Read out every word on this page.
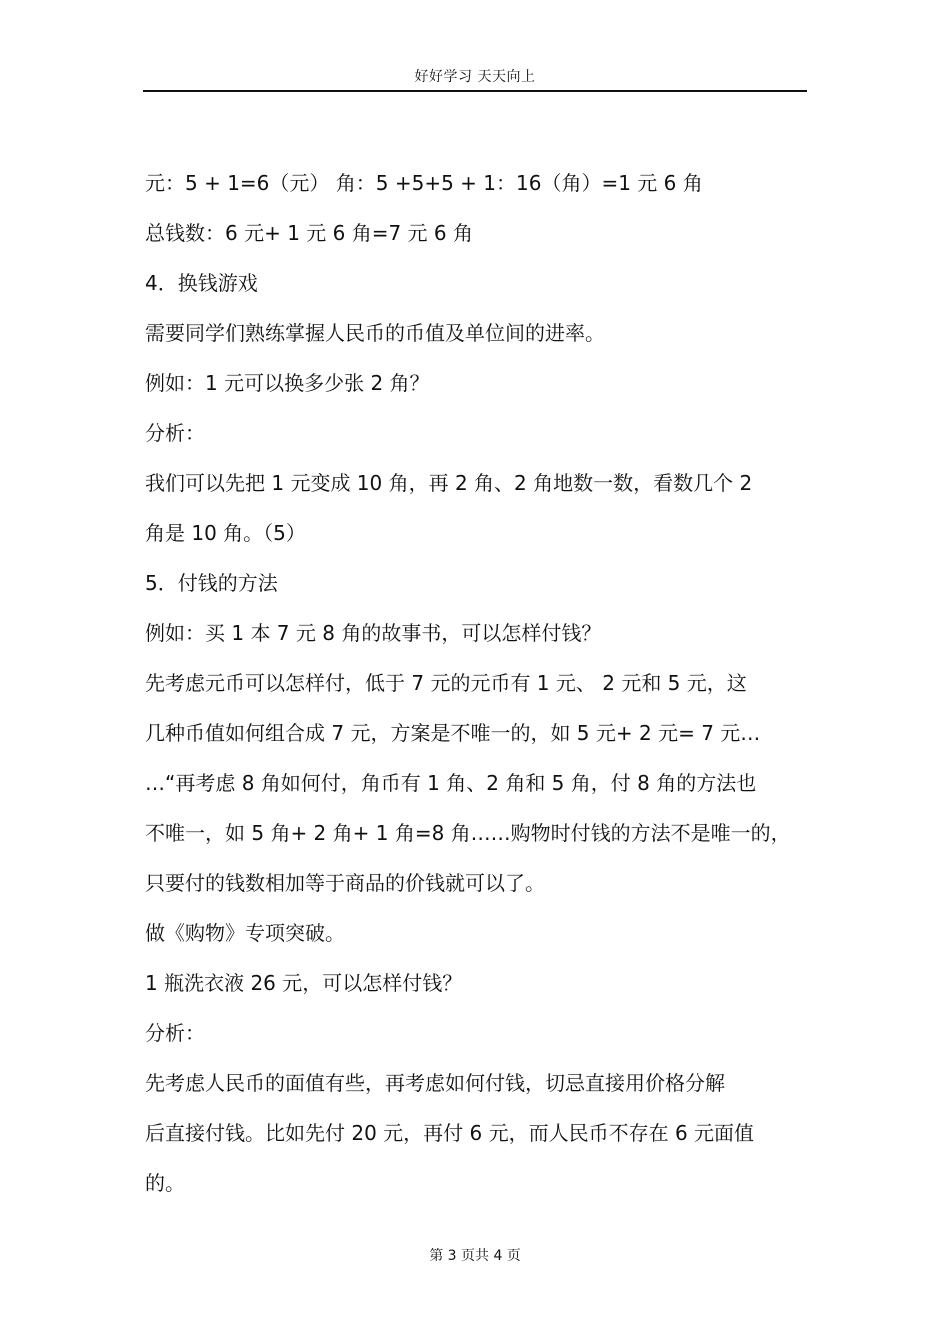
好好学习 天天向上

元：5 + 1=6（元） 角：5 +5+5 + 1：16（角）=1 元 6 角

总钱数：6 元+ 1 元 6 角=7 元 6 角

4．换钱游戏

需要同学们熟练掌握人民币的币值及单位间的进率。

例如：1 元可以换多少张 2 角？

分析：

我们可以先把 1 元变成 10 角，再 2 角、2 角地数一数，看数几个 2

角是 10 角。（5）

5．付钱的方法

例如：买 1 本 7 元 8 角的故事书，可以怎样付钱？

先考虑元币可以怎样付，低于 7 元的元币有 1 元、 2 元和 5 元，这

几种币值如何组合成 7 元，方案是不唯一的，如 5 元+ 2 元= 7 元…

…“再考虑 8 角如何付，角币有 1 角、2 角和 5 角，付 8 角的方法也

不唯一，如 5 角+ 2 角+ 1 角=8 角……购物时付钱的方法不是唯一的，

只要付的钱数相加等于商品的价钱就可以了。

做《购物》专项突破。

1 瓶洗衣液 26 元，可以怎样付钱？

分析：

先考虑人民币的面值有些，再考虑如何付钱，切忌直接用价格分解

后直接付钱。比如先付 20 元，再付 6 元，而人民币不存在 6 元面值

的。

第 3 页共 4 页
